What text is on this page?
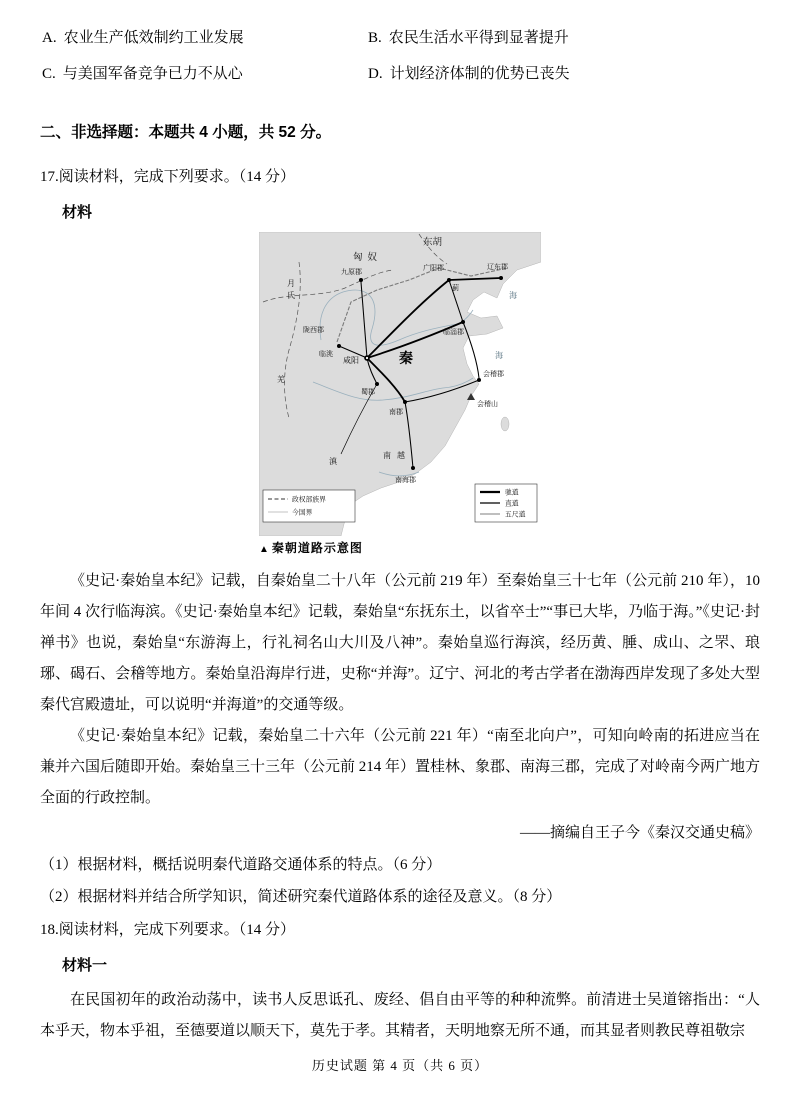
A. 农业生产低效制约工业发展	B. 农民生活水平得到显著提升
C. 与美国军备竞争已力不从心	D. 计划经济体制的优势已丧失
二、非选择题：本题共 4 小题，共 52 分。

17.阅读材料，完成下列要求。（14 分）

材料

匈奴
东胡
月
氏
羌
滇
九原郡	广阳郡
蓟
辽东郡
临淄郡
陇西郡
临洮
咸阳	秦
蜀郡
南郡
会稽郡
会稽山
南越
南海郡
海
海
政权部族界
今国界
驰道
直道
五尺道
▲ 秦朝道路示意图

《史记·秦始皇本纪》记载，自秦始皇二十八年（公元前 219 年）至秦始皇三十七年（公元前 210 年），10 年间 4 次行临海滨。《史记·秦始皇本纪》记载，秦始皇“东抚东土，以省卒士”“事已大毕，乃临于海。”《史记·封禅书》也说，秦始皇“东游海上，行礼祠名山大川及八神”。秦始皇巡行海滨，经历黄、腄、成山、之罘、琅琊、碣石、会稽等地方。秦始皇沿海岸行进，史称“并海”。辽宁、河北的考古学者在渤海西岸发现了多处大型秦代宫殿遗址，可以说明“并海道”的交通等级。

《史记·秦始皇本纪》记载，秦始皇二十六年（公元前 221 年）“南至北向户”，可知向岭南的拓进应当在兼并六国后随即开始。秦始皇三十三年（公元前 214 年）置桂林、象郡、南海三郡，完成了对岭南今两广地方全面的行政控制。

——摘编自王子今《秦汉交通史稿》

（1）根据材料，概括说明秦代道路交通体系的特点。（6 分）

（2）根据材料并结合所学知识，简述研究秦代道路体系的途径及意义。（8 分）

18.阅读材料，完成下列要求。（14 分）

材料一

在民国初年的政治动荡中，读书人反思诋孔、废经、倡自由平等的种种流弊。前清进士吴道镕指出：“人本乎天，物本乎祖，至德要道以顺天下，莫先于孝。其精者，天明地察无所不通，而其显者则教民尊祖敬宗

历史试题 第 4 页（共 6 页）
